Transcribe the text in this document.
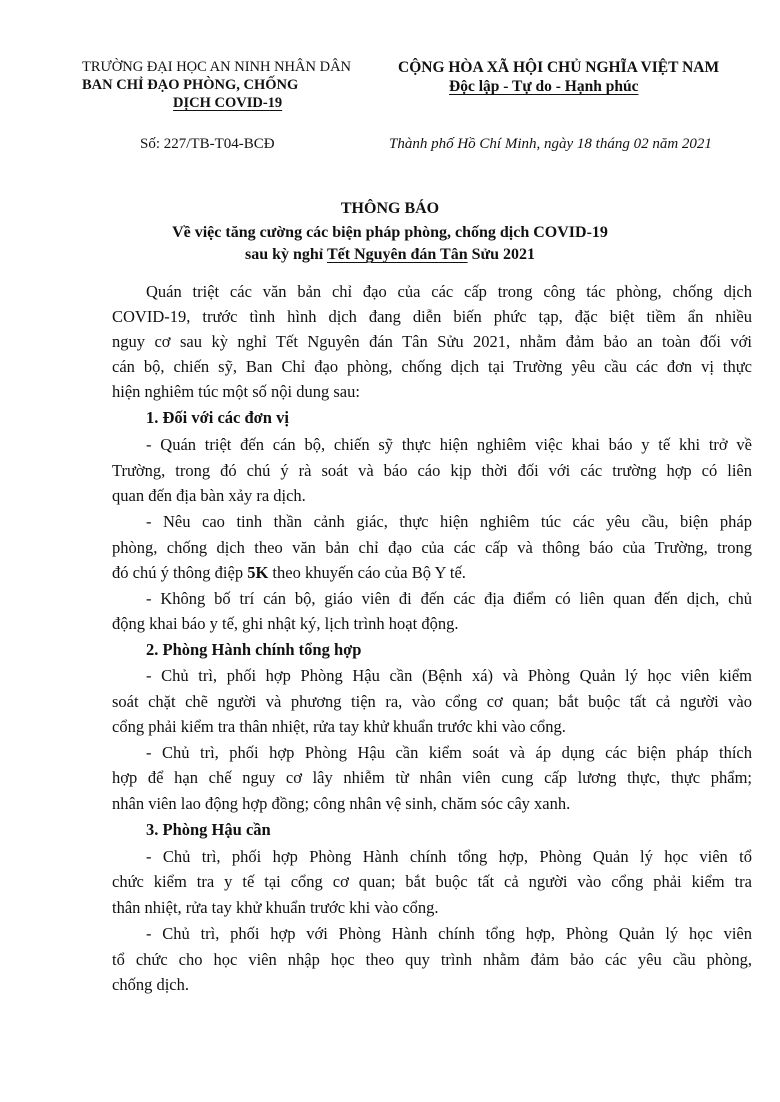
TRƯỜNG ĐẠI HỌC AN NINH NHÂN DÂN
BAN CHỈ ĐẠO PHÒNG, CHỐNG
DỊCH COVID-19
CỘNG HÒA XÃ HỘI CHỦ NGHĨA VIỆT NAM
Độc lập - Tự do - Hạnh phúc
Số: 227/TB-T04-BCĐ	Thành phố Hồ Chí Minh, ngày 18 tháng 02 năm 2021
THÔNG BÁO
Về việc tăng cường các biện pháp phòng, chống dịch COVID-19
sau kỳ nghỉ Tết Nguyên đán Tân Sửu 2021
Quán triệt các văn bản chỉ đạo của các cấp trong công tác phòng, chống dịch
COVID-19, trước tình hình dịch đang diễn biến phức tạp, đặc biệt tiềm ẩn nhiều
nguy cơ sau kỳ nghỉ Tết Nguyên đán Tân Sửu 2021, nhằm đảm bảo an toàn đối với
cán bộ, chiến sỹ, Ban Chỉ đạo phòng, chống dịch tại Trường yêu cầu các đơn vị thực
hiện nghiêm túc một số nội dung sau:
1. Đối với các đơn vị
- Quán triệt đến cán bộ, chiến sỹ thực hiện nghiêm việc khai báo y tế khi trở về
Trường, trong đó chú ý rà soát và báo cáo kịp thời đối với các trường hợp có liên
quan đến địa bàn xảy ra dịch.
- Nêu cao tinh thần cảnh giác, thực hiện nghiêm túc các yêu cầu, biện pháp
phòng, chống dịch theo văn bản chỉ đạo của các cấp và thông báo của Trường, trong
đó chú ý thông điệp 5K theo khuyến cáo của Bộ Y tế.
- Không bố trí cán bộ, giáo viên đi đến các địa điểm có liên quan đến dịch, chủ
động khai báo y tế, ghi nhật ký, lịch trình hoạt động.
2. Phòng Hành chính tổng hợp
- Chủ trì, phối hợp Phòng Hậu cần (Bệnh xá) và Phòng Quản lý học viên kiểm
soát chặt chẽ người và phương tiện ra, vào cổng cơ quan; bắt buộc tất cả người vào
cổng phải kiểm tra thân nhiệt, rửa tay khử khuẩn trước khi vào cổng.
- Chủ trì, phối hợp Phòng Hậu cần kiểm soát và áp dụng các biện pháp thích
hợp để hạn chế nguy cơ lây nhiễm từ nhân viên cung cấp lương thực, thực phẩm;
nhân viên lao động hợp đồng; công nhân vệ sinh, chăm sóc cây xanh.
3. Phòng Hậu cần
- Chủ trì, phối hợp Phòng Hành chính tổng hợp, Phòng Quản lý học viên tổ
chức kiểm tra y tế tại cổng cơ quan; bắt buộc tất cả người vào cổng phải kiểm tra
thân nhiệt, rửa tay khử khuẩn trước khi vào cổng.
- Chủ trì, phối hợp với Phòng Hành chính tổng hợp, Phòng Quản lý học viên
tổ chức cho học viên nhập học theo quy trình nhằm đảm bảo các yêu cầu phòng,
chống dịch.
